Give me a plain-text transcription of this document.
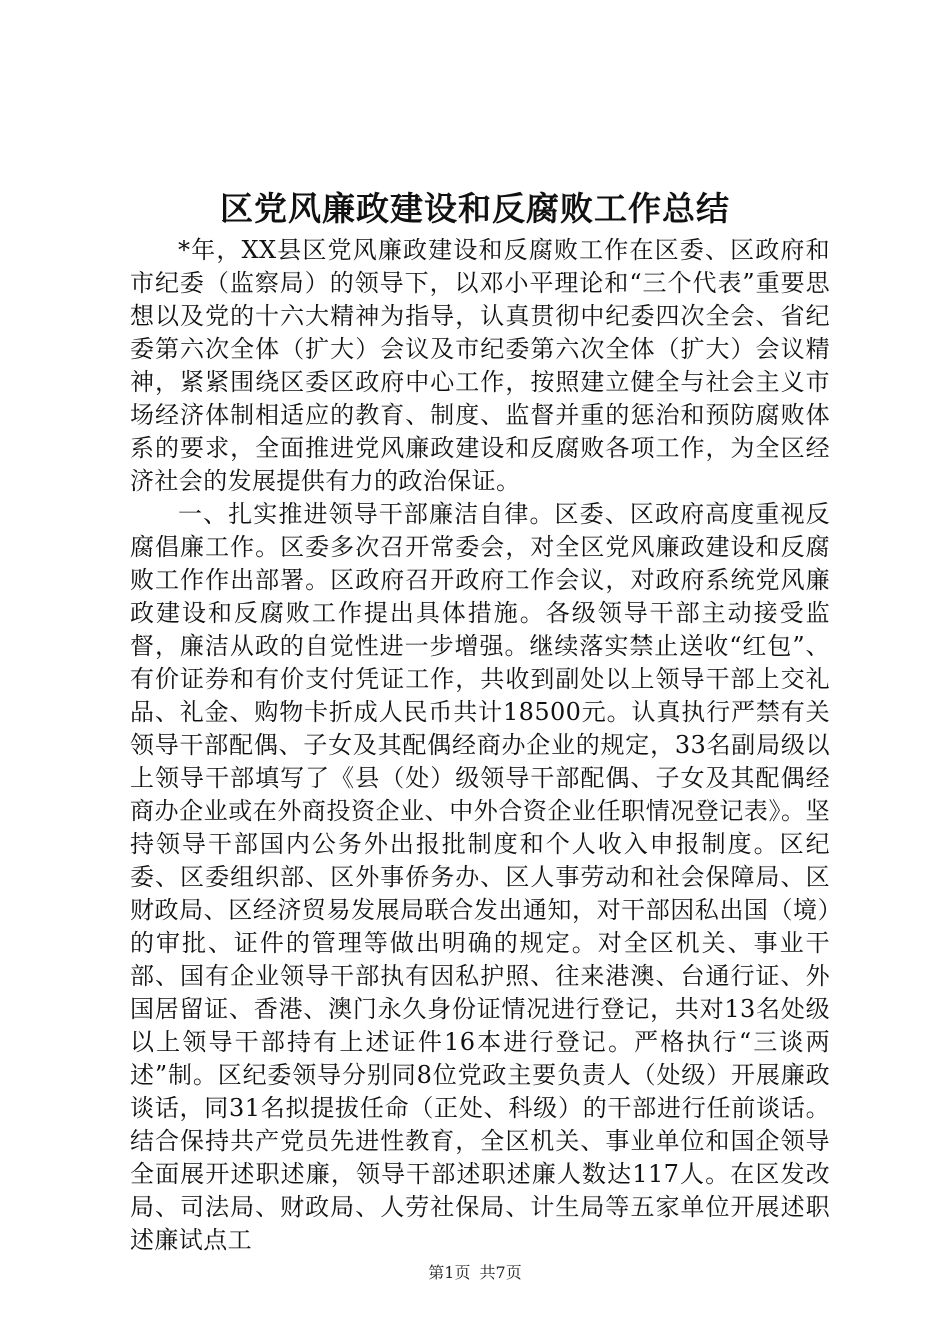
区党风廉政建设和反腐败工作总结

*年，XX县区党风廉政建设和反腐败工作在区委、区政府和市纪委（监察局）的领导下，以邓小平理论和“三个代表”重要思想以及党的十六大精神为指导，认真贯彻中纪委四次全会、省纪委第六次全体（扩大）会议及市纪委第六次全体（扩大）会议精神，紧紧围绕区委区政府中心工作，按照建立健全与社会主义市场经济体制相适应的教育、制度、监督并重的惩治和预防腐败体系的要求，全面推进党风廉政建设和反腐败各项工作，为全区经济社会的发展提供有力的政治保证。

一、扎实推进领导干部廉洁自律。区委、区政府高度重视反腐倡廉工作。区委多次召开常委会，对全区党风廉政建设和反腐败工作作出部署。区政府召开政府工作会议，对政府系统党风廉政建设和反腐败工作提出具体措施。各级领导干部主动接受监督，廉洁从政的自觉性进一步增强。继续落实禁止送收“红包”、有价证券和有价支付凭证工作，共收到副处以上领导干部上交礼品、礼金、购物卡折成人民币共计18500元。认真执行严禁有关领导干部配偶、子女及其配偶经商办企业的规定，33名副局级以上领导干部填写了《县（处）级领导干部配偶、子女及其配偶经商办企业或在外商投资企业、中外合资企业任职情况登记表》。坚持领导干部国内公务外出报批制度和个人收入申报制度。区纪委、区委组织部、区外事侨务办、区人事劳动和社会保障局、区财政局、区经济贸易发展局联合发出通知，对干部因私出国（境）的审批、证件的管理等做出明确的规定。对全区机关、事业干部、国有企业领导干部执有因私护照、往来港澳、台通行证、外国居留证、香港、澳门永久身份证情况进行登记，共对13名处级以上领导干部持有上述证件16本进行登记。严格执行“三谈两述”制。区纪委领导分别同8位党政主要负责人（处级）开展廉政谈话，同31名拟提拔任命（正处、科级）的干部进行任前谈话。结合保持共产党员先进性教育，全区机关、事业单位和国企领导全面展开述职述廉，领导干部述职述廉人数达117人。在区发改局、司法局、财政局、人劳社保局、计生局等五家单位开展述职述廉试点工

第1页 共7页
